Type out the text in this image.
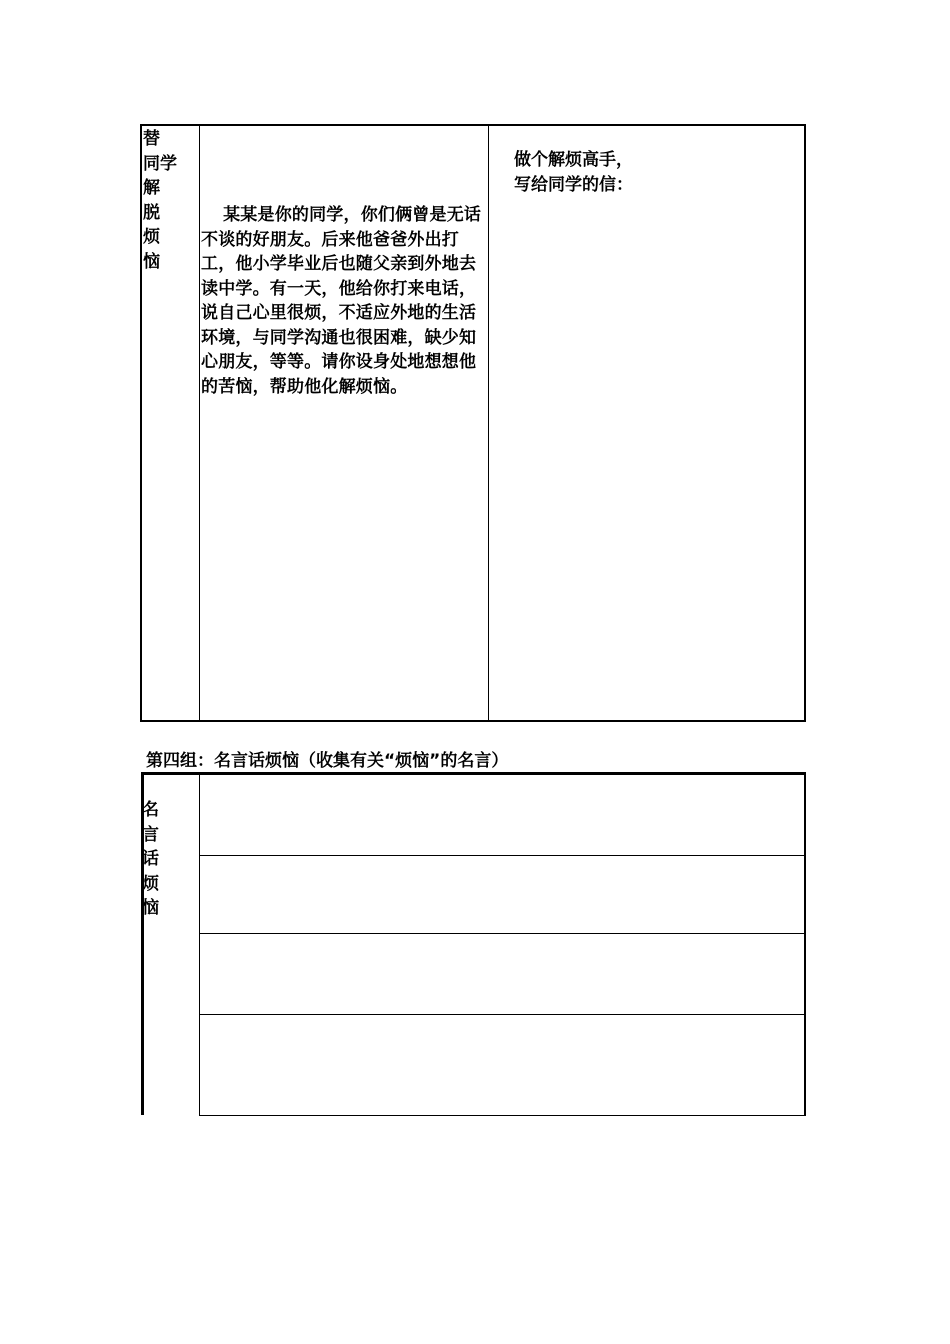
替
同学
解
脱
烦
恼
某某是你的同学，你们俩曾是无话不谈的好朋友。后来他爸爸外出打工，他小学毕业后也随父亲到外地去读中学。有一天，他给你打来电话，说自己心里很烦，不适应外地的生活环境，与同学沟通也很困难，缺少知心朋友，等等。请你设身处地想想他的苦恼，帮助他化解烦恼。
做个解烦高手，
写给同学的信：
第四组：名言话烦恼（收集有关“烦恼”的名言）
名
言
话
烦
恼
